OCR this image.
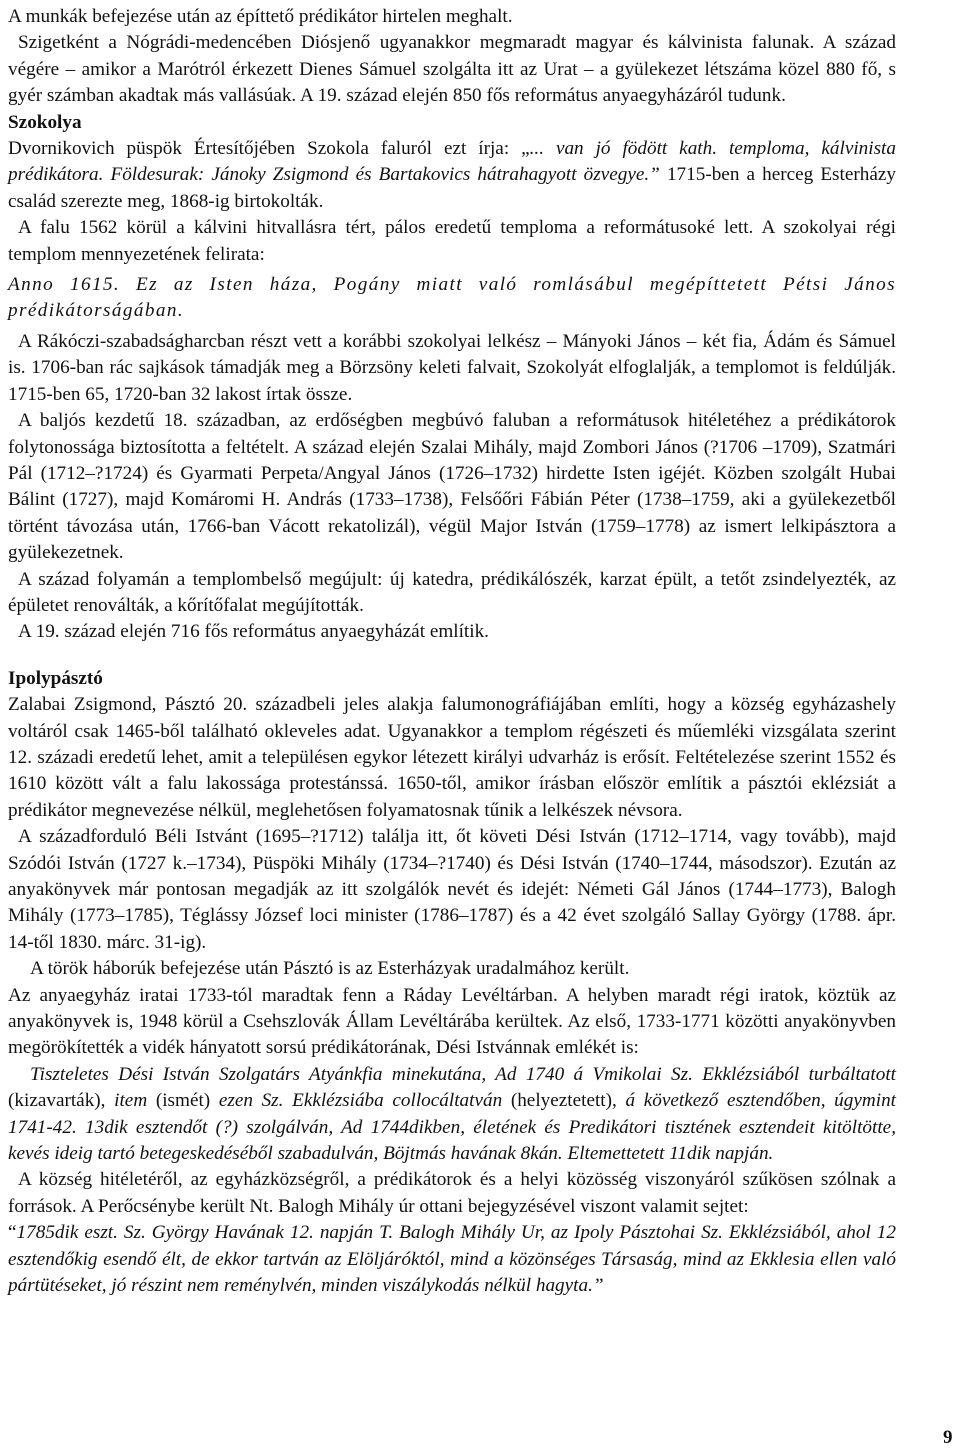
A munkák befejezése után az építtető prédikátor hirtelen meghalt.

Szigetként a Nógrádi-medencében Diósjenő ugyanakkor megmaradt magyar és kálvinista falunak. A század végére – amikor a Marótról érkezett Dienes Sámuel szolgálta itt az Urat – a gyülekezet létszáma közel 880 fő, s gyér számban akadtak más vallásúak. A 19. század elején 850 fős református anyaegyházáról tudunk.

Szokolya

Dvornikovich püspök Értesítőjében Szokola faluról ezt írja: „... van jó födött kath. temploma, kálvinista prédikátora. Földesurak: Jánoky Zsigmond és Bartakovics hátrahagyott özvegye.” 1715-ben a herceg Esterházy család szerezte meg, 1868-ig birtokolták.

A falu 1562 körül a kálvini hitvallásra tért, pálos eredetű temploma a reformátusoké lett. A szokolyai régi templom mennyezetének felirata:

Anno 1615. Ez az Isten háza, Pogány miatt való romlásábul megépíttetett Pétsi János prédikátorságában.

A Rákóczi-szabadságharcban részt vett a korábbi szokolyai lelkész – Mányoki János – két fia, Ádám és Sámuel is. 1706-ban rác sajkások támadják meg a Börzsöny keleti falvait, Szokolyát elfoglalják, a templomot is feldúlják. 1715-ben 65, 1720-ban 32 lakost írtak össze.

A baljós kezdetű 18. században, az erdőségben megbúvó faluban a reformátusok hitéletéhez a prédikátorok folytonossága biztosította a feltételt. A század elején Szalai Mihály, majd Zombori János (?1706 –1709), Szatmári Pál (1712–?1724) és Gyarmati Perpeta/Angyal János (1726–1732) hirdette Isten igéjét. Közben szolgált Hubai Bálint (1727), majd Komáromi H. András (1733–1738), Felsőőri Fábián Péter (1738–1759, aki a gyülekezetből történt távozása után, 1766-ban Vácott rekatolizál), végül Major István (1759–1778) az ismert lelkipásztora a gyülekezetnek.

A század folyamán a templombelső megújult: új katedra, prédikálószék, karzat épült, a tetőt zsindelyezték, az épületet renoválták, a kőrítőfalat megújították.

A 19. század elején 716 fős református anyaegyházát említik.

Ipolypásztó

Zalabai Zsigmond, Pásztó 20. századbeli jeles alakja falumonográfiájában említi, hogy a község egyházashely voltáról csak 1465-ből található okleveles adat. Ugyanakkor a templom régészeti és műemléki vizsgálata szerint 12. századi eredetű lehet, amit a településen egykor létezett királyi udvarház is erősít. Feltételezése szerint 1552 és 1610 között vált a falu lakossága protestánssá. 1650-től, amikor írásban először említik a pásztói eklézsiát a prédikátor megnevezése nélkül, meglehetősen folyamatosnak tűnik a lelkészek névsora.

A századforduló Béli Istvánt (1695–?1712) találja itt, őt követi Dési István (1712–1714, vagy tovább), majd Szódói István (1727 k.–1734), Püspöki Mihály (1734–?1740) és Dési István (1740–1744, másodszor). Ezután az anyakönyvek már pontosan megadják az itt szolgálók nevét és idejét: Németi Gál János (1744–1773), Balogh Mihály (1773–1785), Téglássy József loci minister (1786–1787) és a 42 évet szolgáló Sallay György (1788. ápr. 14-től 1830. márc. 31-ig).

A török háborúk befejezése után Pásztó is az Esterházyak uradalmához került.

Az anyaegyház iratai 1733-tól maradtak fenn a Ráday Levéltárban. A helyben maradt régi iratok, köztük az anyakönyvek is, 1948 körül a Csehszlovák Állam Levéltárába kerültek. Az első, 1733-1771 közötti anyakönyvben megörökítették a vidék hányatott sorsú prédikátorának, Dési Istvánnak emlékét is:

Tiszteletes Dési István Szolgatárs Atyánkfia minekutána, Ad 1740 á Vmikolai Sz. Ekklézsiából turbáltatott (kizavarták), item (ismét) ezen Sz. Ekklézsiába collocáltatván (helyeztetett), á következő esztendőben, úgymint 1741-42. 13dik esztendőt (?) szolgálván, Ad 1744dikben, életének és Predikátori tisztének esztendeit kitöltötte, kevés ideig tartó betegeskedéséből szabadulván, Böjtmás havának 8kán. Eltemettetett 11dik napján.

A község hitéletéről, az egyházközségről, a prédikátorok és a helyi közösség viszonyáról szűkösen szólnak a források. A Perőcsénybe került Nt. Balogh Mihály úr ottani bejegyzésével viszont valamit sejtet:

“1785dik eszt. Sz. György Havának 12. napján T. Balogh Mihály Ur, az Ipoly Pásztohai Sz. Ekklézsiából, ahol 12 esztendőkig esendő élt, de ekkor tartván az Elöljáróktól, mind a közönséges Társaság, mind az Ekklesia ellen való pártütéseket, jó részint nem reménylvén, minden viszálykodás nélkül hagyta.”

9
